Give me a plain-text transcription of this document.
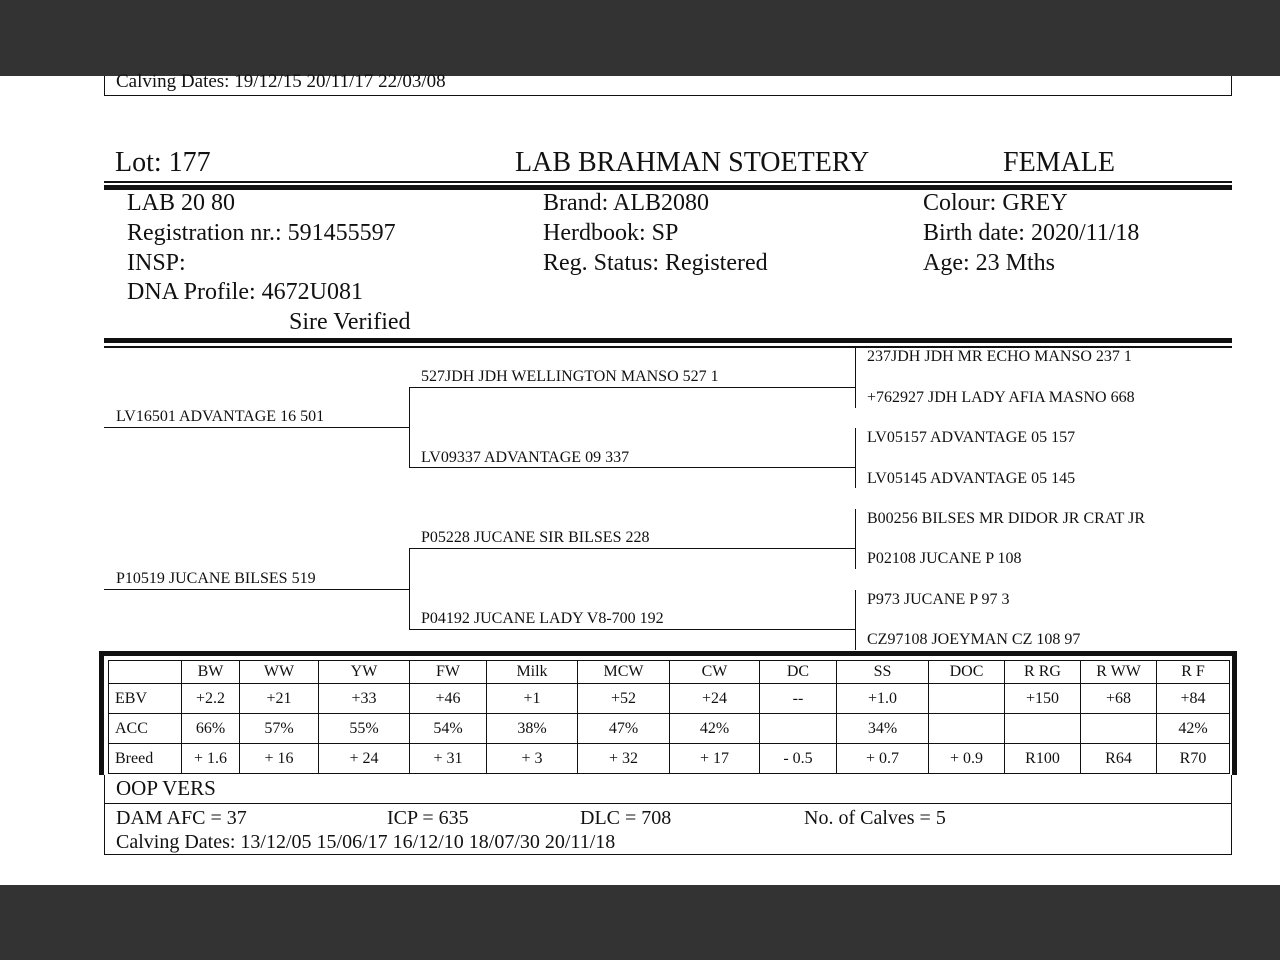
Calving Dates: 19/12/15 20/11/17 22/03/08
Lot: 177	LAB BRAHMAN STOETERY	FEMALE
LAB 20 80
Registration nr.: 591455597
INSP:
DNA Profile: 4672U081
Sire Verified
Brand: ALB2080
Herdbook: SP
Reg. Status: Registered
Colour: GREY
Birth date: 2020/11/18
Age: 23 Mths
LV16501 ADVANTAGE 16 501
P10519 JUCANE BILSES 519
527JDH JDH WELLINGTON MANSO 527 1
LV09337 ADVANTAGE 09 337
P05228 JUCANE SIR BILSES 228
P04192 JUCANE LADY V8-700 192
237JDH JDH MR ECHO MANSO 237 1
+762927 JDH LADY AFIA MASNO 668
LV05157 ADVANTAGE 05 157
LV05145 ADVANTAGE 05 145
B00256 BILSES MR DIDOR JR CRAT JR
P02108 JUCANE P 108
P973 JUCANE P 97 3
CZ97108 JOEYMAN CZ 108 97
	BW	WW	YW	FW	Milk	MCW	CW	DC	SS	DOC	R RG	R WW	R F
EBV	+2.2	+21	+33	+46	+1	+52	+24	--	+1.0		+150	+68	+84
ACC	66%	57%	55%	54%	38%	47%	42%		34%				42%
Breed	+ 1.6	+ 16	+ 24	+ 31	+ 3	+ 32	+ 17	- 0.5	+ 0.7	+ 0.9	R100	R64	R70
OOP VERS
DAM AFC = 37	ICP = 635	DLC = 708	No. of Calves = 5
Calving Dates: 13/12/05 15/06/17 16/12/10 18/07/30 20/11/18
